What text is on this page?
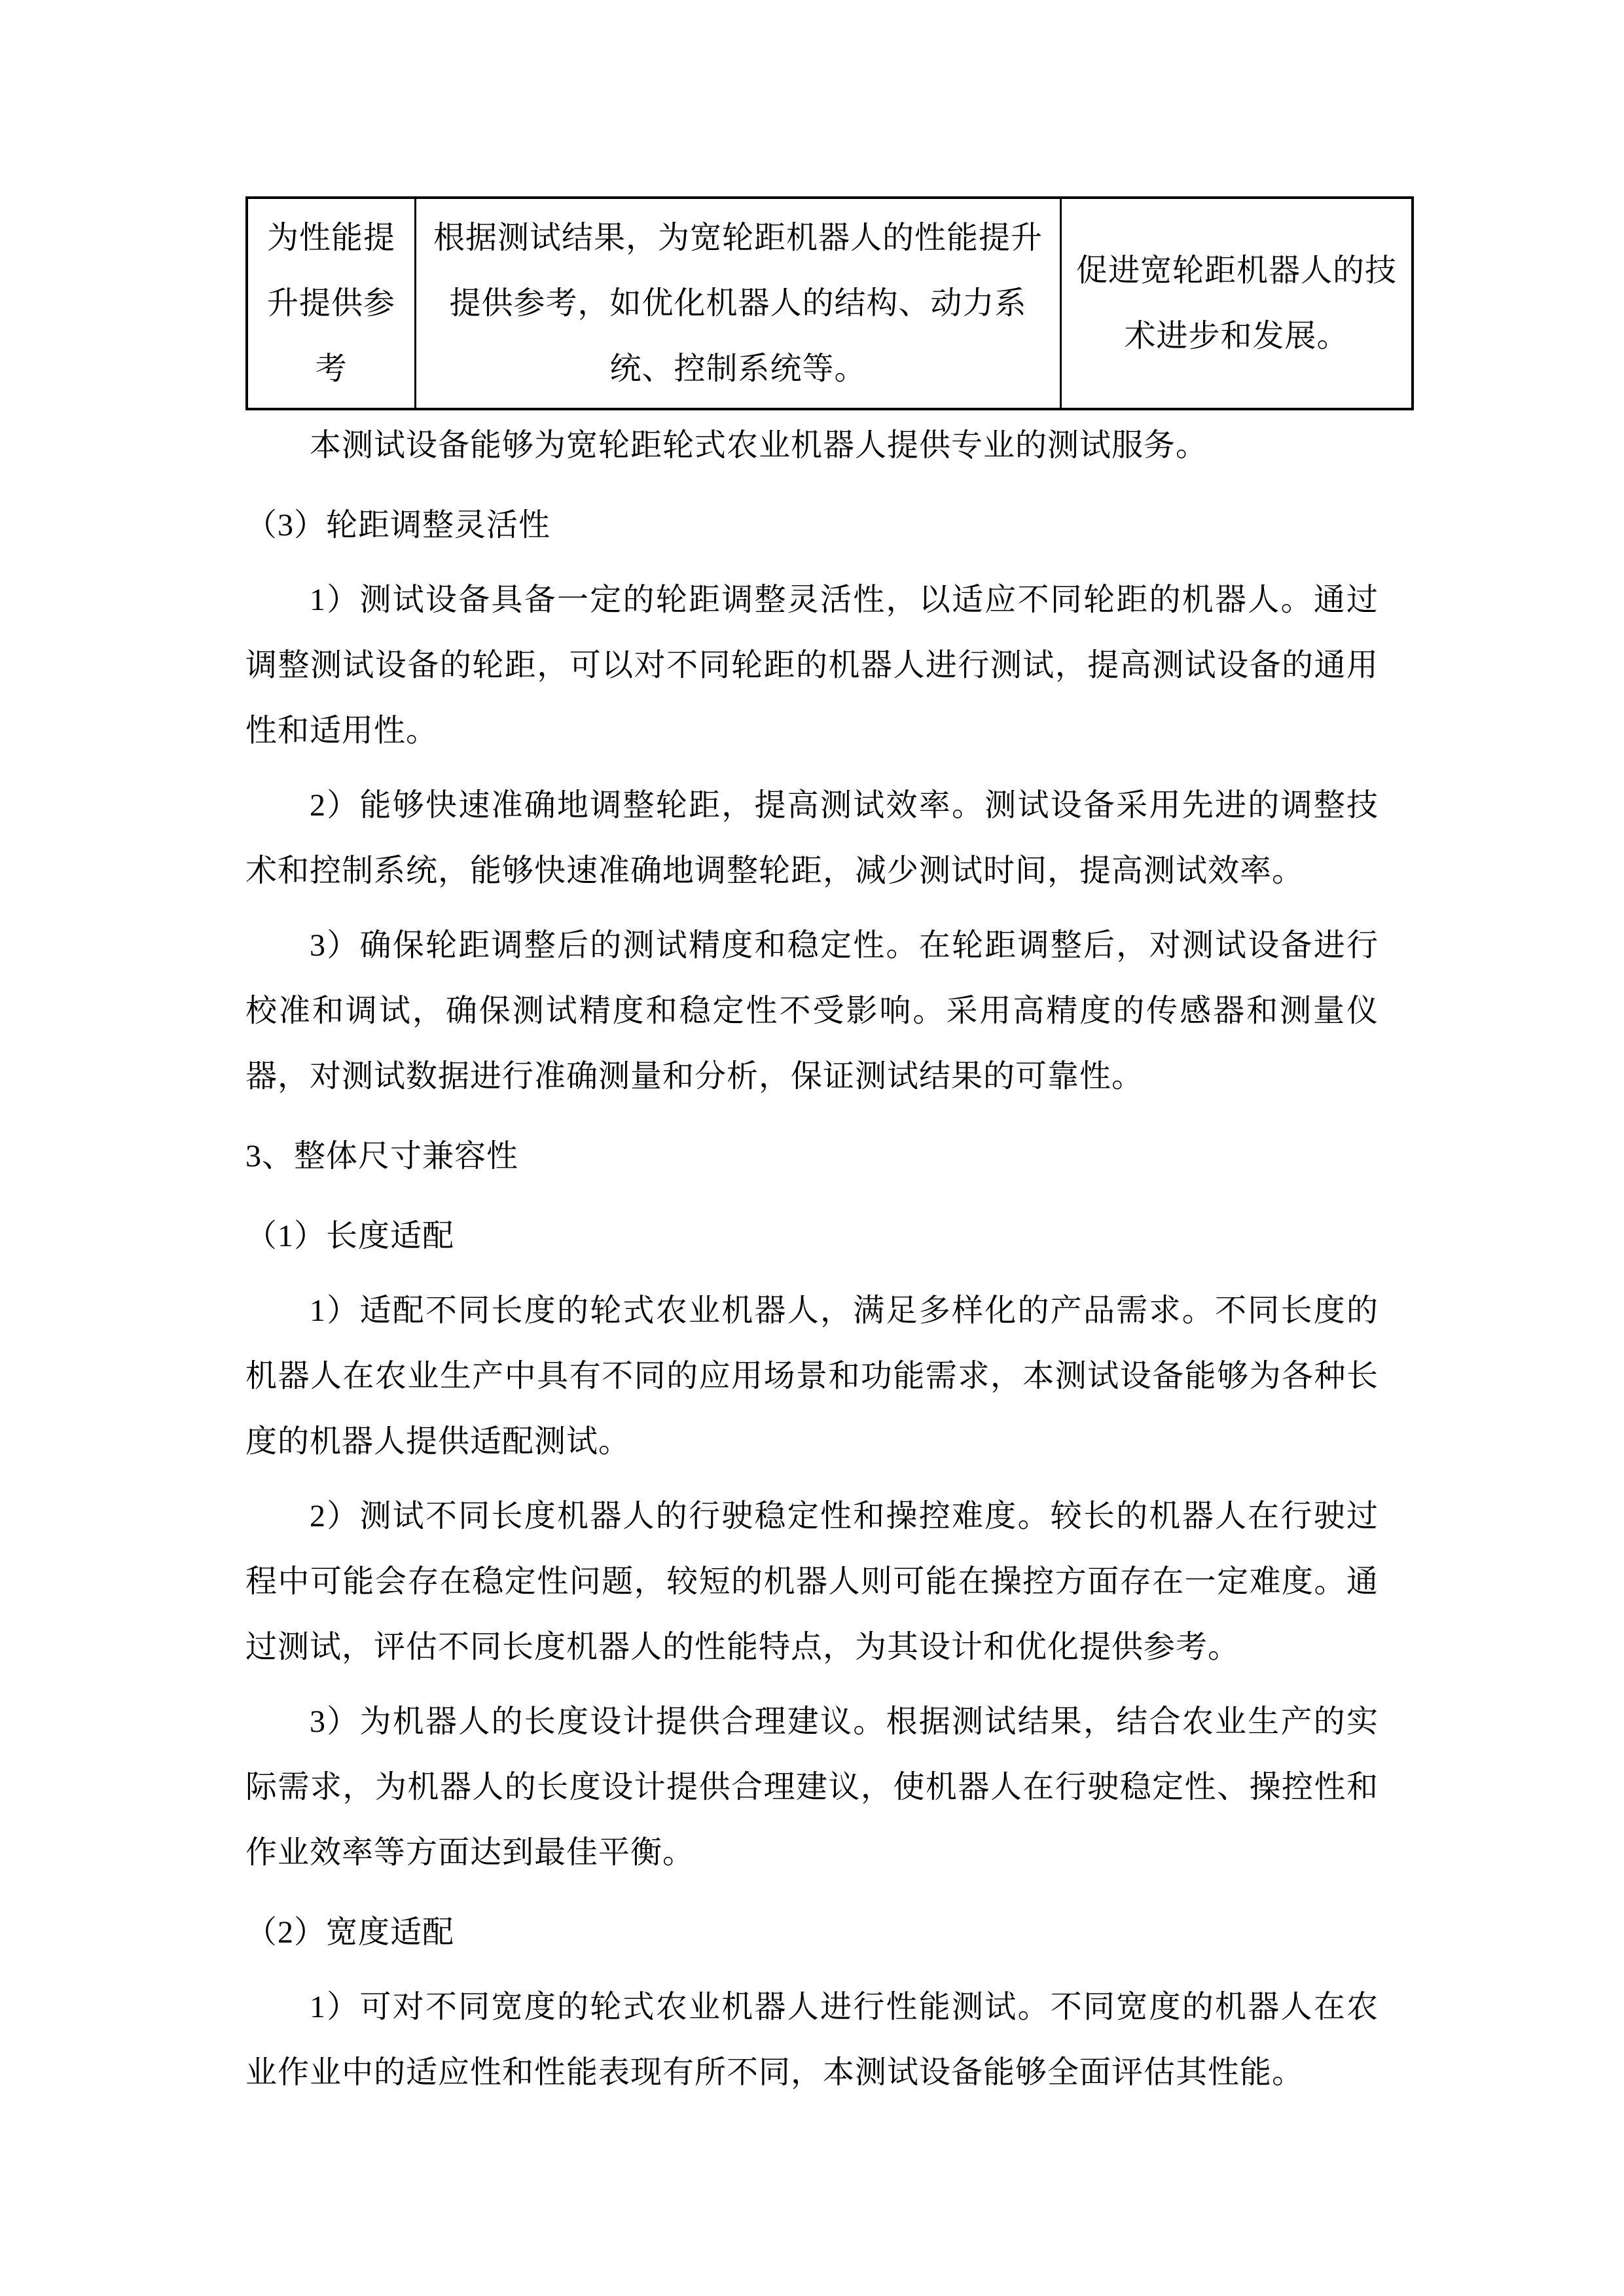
为性能提升提供参考	根据测试结果，为宽轮距机器人的性能提升提供参考，如优化机器人的结构、动力系统、控制系统等。	促进宽轮距机器人的技术进步和发展。

本测试设备能够为宽轮距轮式农业机器人提供专业的测试服务。

（3）轮距调整灵活性

1）测试设备具备一定的轮距调整灵活性，以适应不同轮距的机器人。通过调整测试设备的轮距，可以对不同轮距的机器人进行测试，提高测试设备的通用性和适用性。

2）能够快速准确地调整轮距，提高测试效率。测试设备采用先进的调整技术和控制系统，能够快速准确地调整轮距，减少测试时间，提高测试效率。

3）确保轮距调整后的测试精度和稳定性。在轮距调整后，对测试设备进行校准和调试，确保测试精度和稳定性不受影响。采用高精度的传感器和测量仪器，对测试数据进行准确测量和分析，保证测试结果的可靠性。

3、整体尺寸兼容性

（1）长度适配

1）适配不同长度的轮式农业机器人，满足多样化的产品需求。不同长度的机器人在农业生产中具有不同的应用场景和功能需求，本测试设备能够为各种长度的机器人提供适配测试。

2）测试不同长度机器人的行驶稳定性和操控难度。较长的机器人在行驶过程中可能会存在稳定性问题，较短的机器人则可能在操控方面存在一定难度。通过测试，评估不同长度机器人的性能特点，为其设计和优化提供参考。

3）为机器人的长度设计提供合理建议。根据测试结果，结合农业生产的实际需求，为机器人的长度设计提供合理建议，使机器人在行驶稳定性、操控性和作业效率等方面达到最佳平衡。

（2）宽度适配

1）可对不同宽度的轮式农业机器人进行性能测试。不同宽度的机器人在农业作业中的适应性和性能表现有所不同，本测试设备能够全面评估其性能。
